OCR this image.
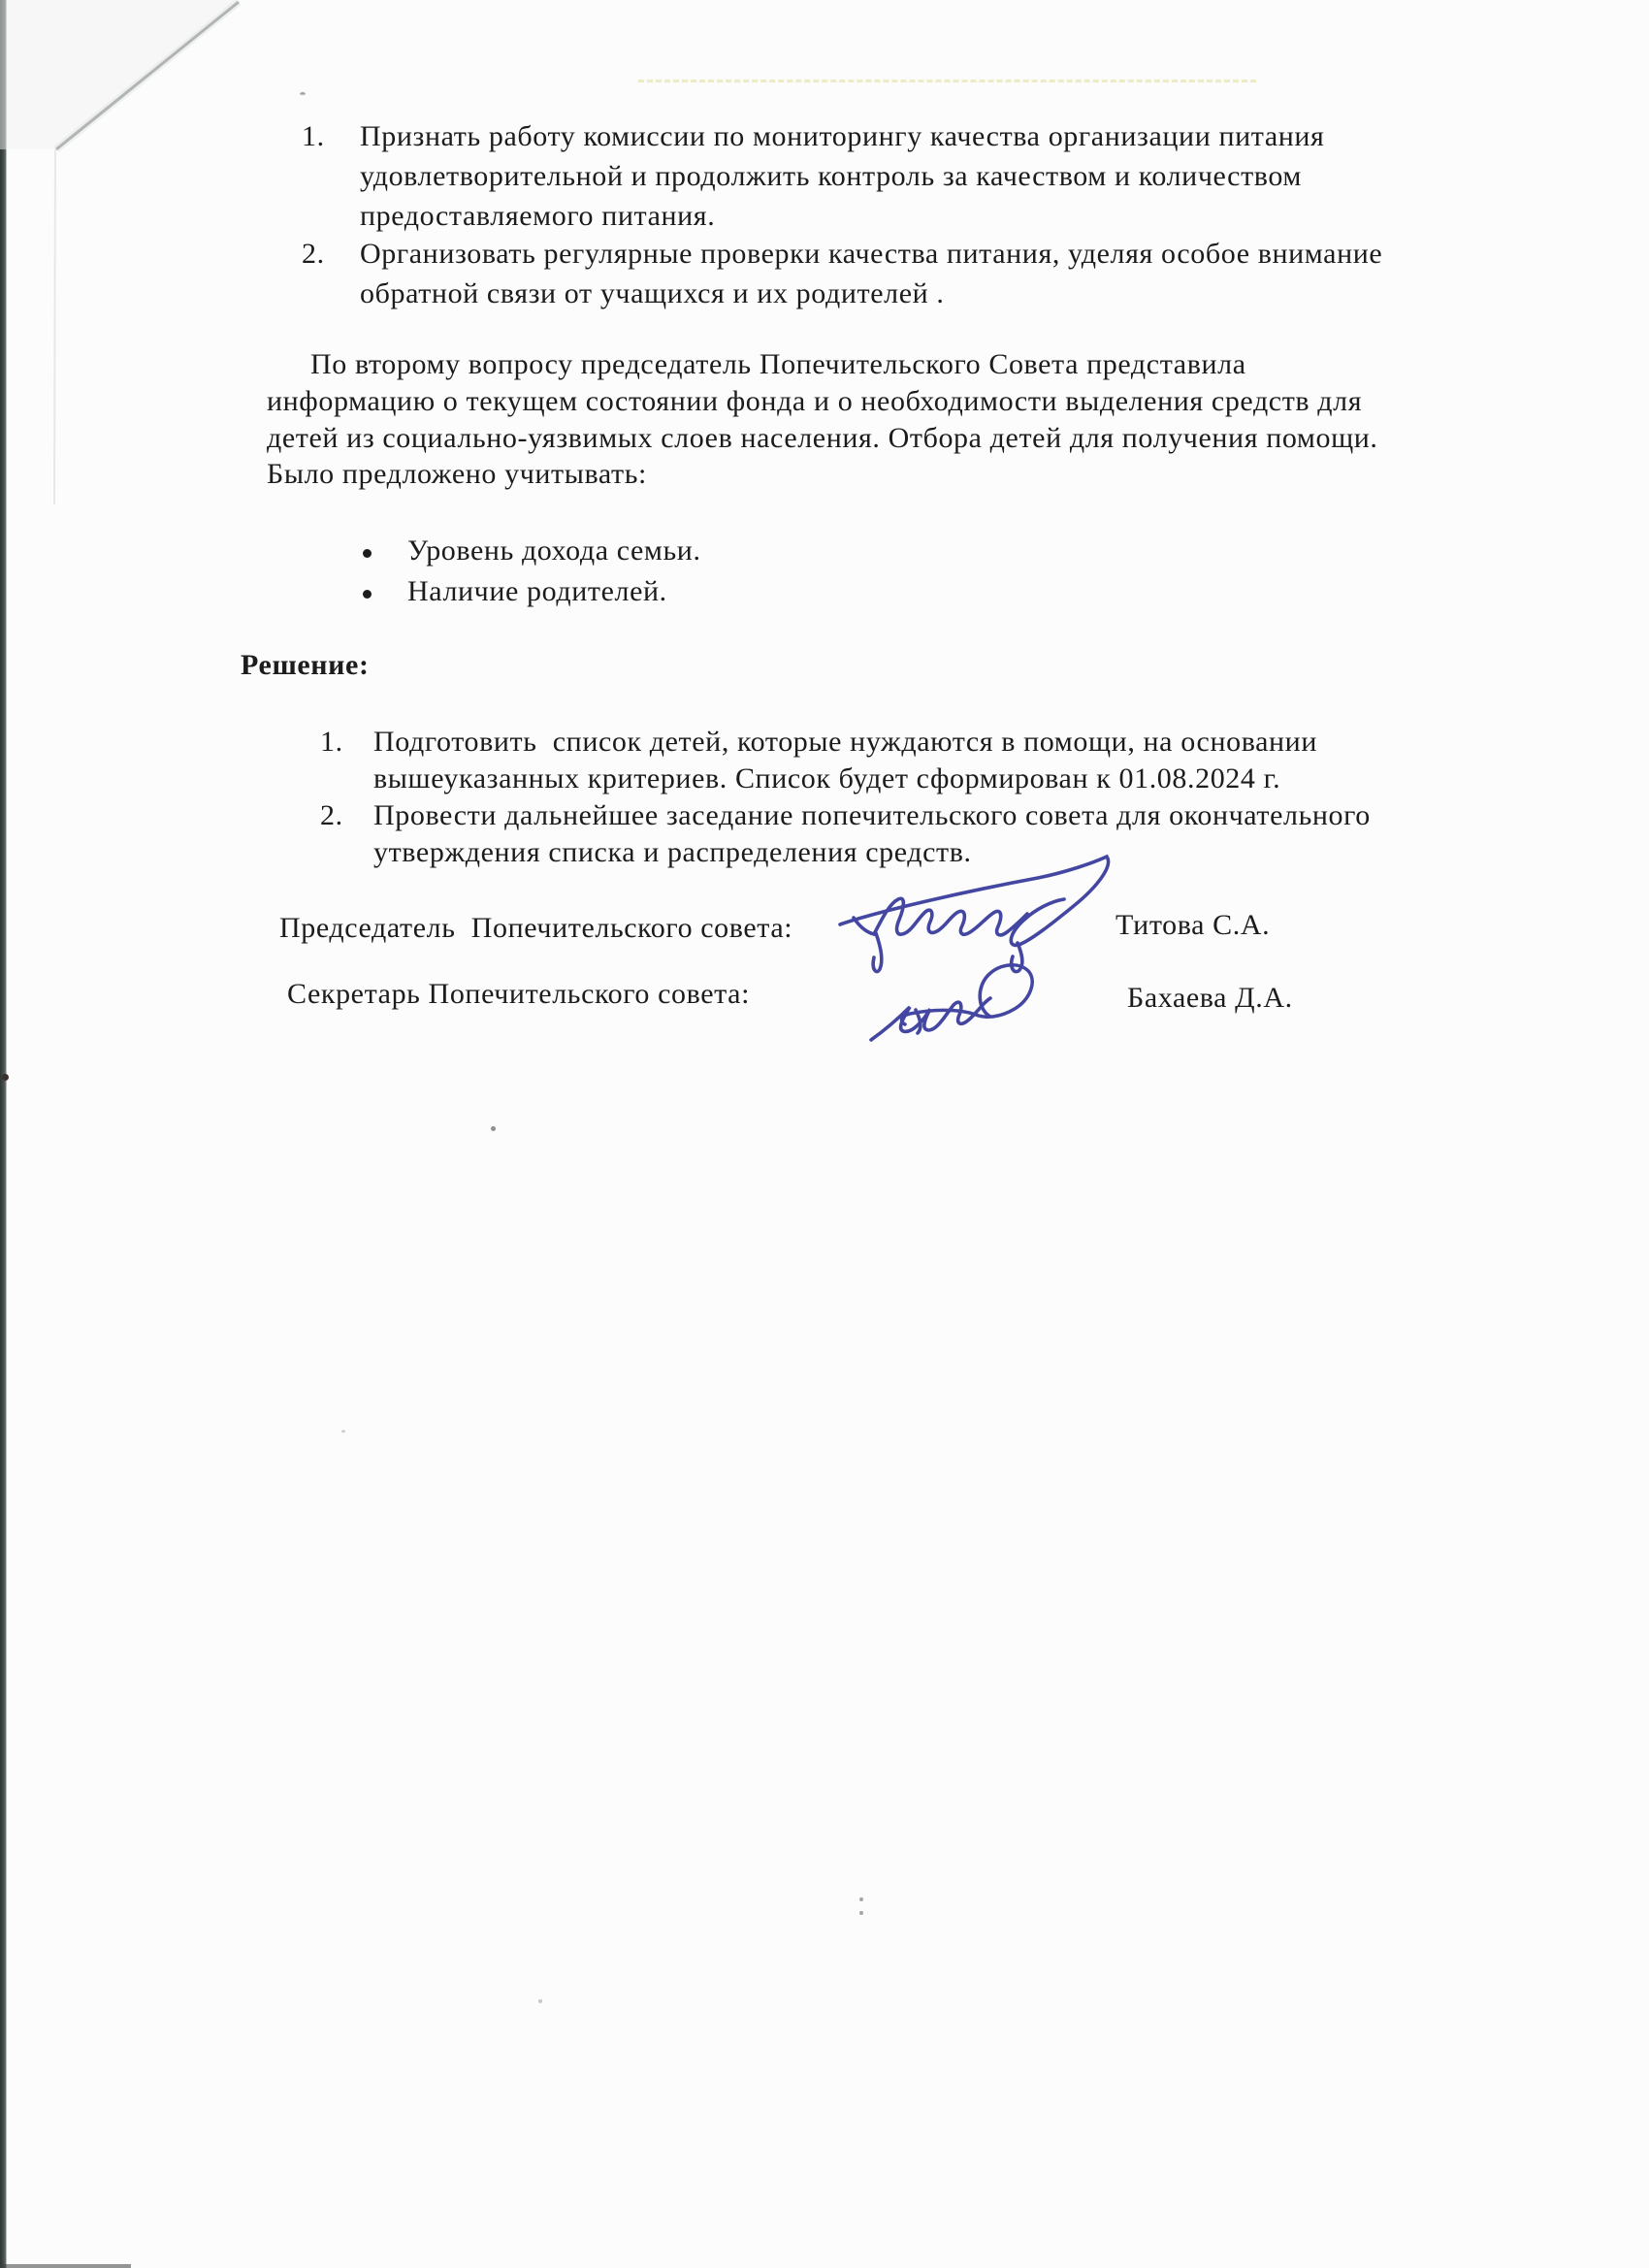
1. Признать работу комиссии по мониторингу качества организации питания
удовлетворительной и продолжить контроль за качеством и количеством
предоставляемого питания.
2. Организовать регулярные проверки качества питания, уделяя особое внимание
обратной связи от учащихся и их родителей .
По второму вопросу председатель Попечительского Совета представила
информацию о текущем состоянии фонда и о необходимости выделения средств для
детей из социально-уязвимых слоев населения. Отбора детей для получения помощи.
Было предложено учитывать:
Уровень дохода семьи.
Наличие родителей.
Решение:
1. Подготовить  список детей, которые нуждаются в помощи, на основании
вышеуказанных критериев. Список будет сформирован к 01.08.2024 г.
2. Провести дальнейшее заседание попечительского совета для окончательного
утверждения списка и распределения средств.
Председатель  Попечительского совета:	Титова С.А.
Секретарь Попечительского совета:	Бахаева Д.А.
